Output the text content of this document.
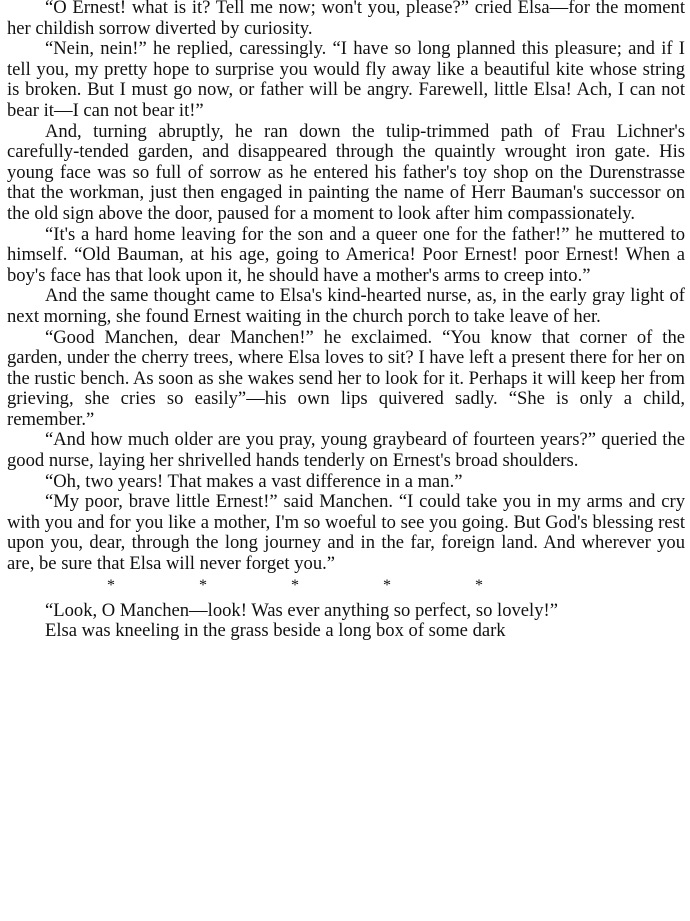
“O Ernest! what is it? Tell me now; won't you, please?” cried Elsa—for the moment her childish sorrow diverted by curiosity.

“Nein, nein!” he replied, caressingly. “I have so long planned this pleasure; and if I tell you, my pretty hope to surprise you would fly away like a beautiful kite whose string is broken. But I must go now, or father will be angry. Farewell, little Elsa! Ach, I can not bear it—I can not bear it!”

And, turning abruptly, he ran down the tulip-trimmed path of Frau Lichner's carefully-tended garden, and disappeared through the quaintly wrought iron gate. His young face was so full of sorrow as he entered his father's toy shop on the Durenstrasse that the workman, just then engaged in painting the name of Herr Bauman's successor on the old sign above the door, paused for a moment to look after him compassionately.

“It's a hard home leaving for the son and a queer one for the father!” he muttered to himself. “Old Bauman, at his age, going to America! Poor Ernest! poor Ernest! When a boy's face has that look upon it, he should have a mother's arms to creep into.”

And the same thought came to Elsa's kind-hearted nurse, as, in the early gray light of next morning, she found Ernest waiting in the church porch to take leave of her.

“Good Manchen, dear Manchen!” he exclaimed. “You know that corner of the garden, under the cherry trees, where Elsa loves to sit? I have left a present there for her on the rustic bench. As soon as she wakes send her to look for it. Perhaps it will keep her from grieving, she cries so easily”—his own lips quivered sadly. “She is only a child, remember.”

“And how much older are you pray, young graybeard of fourteen years?” queried the good nurse, laying her shrivelled hands tenderly on Ernest's broad shoulders.

“Oh, two years! That makes a vast difference in a man.”

“My poor, brave little Ernest!” said Manchen. “I could take you in my arms and cry with you and for you like a mother, I'm so woeful to see you going. But God's blessing rest upon you, dear, through the long journey and in the far, foreign land. And wherever you are, be sure that Elsa will never forget you.”

*	*	*	*	*

“Look, O Manchen—look! Was ever anything so perfect, so lovely!”

Elsa was kneeling in the grass beside a long box of some dark
